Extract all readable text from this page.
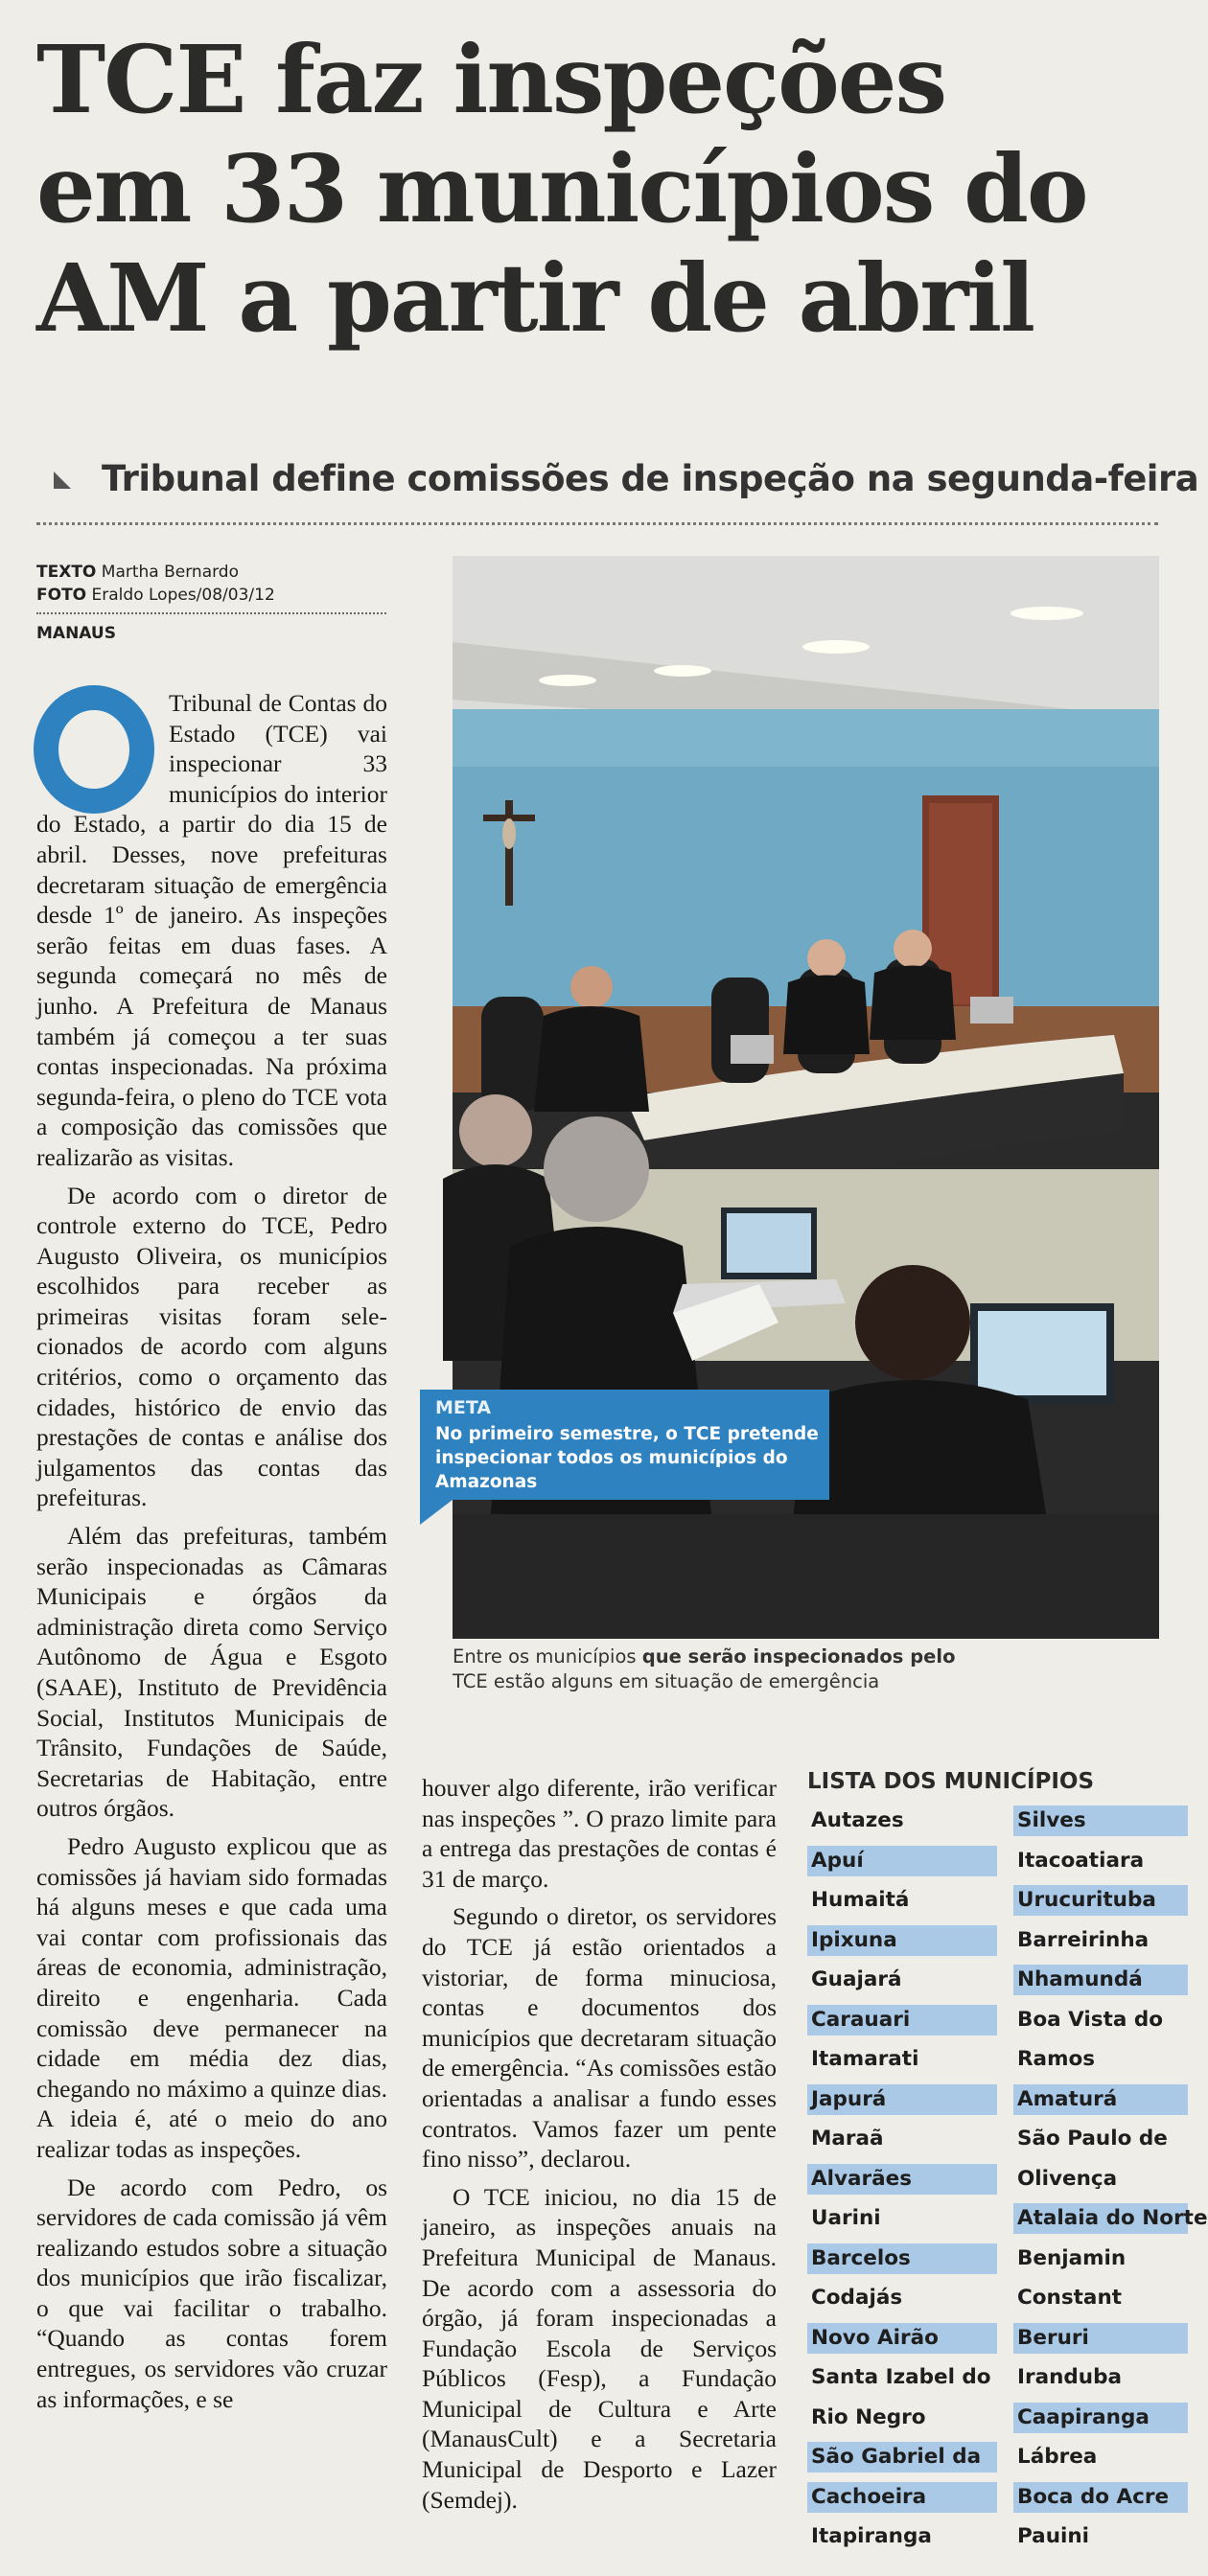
TCE faz inspeções
em 33 municípios do
AM a partir de abril
Tribunal define comissões de inspeção na segunda-feira
TEXTO Martha Bernardo
FOTO Eraldo Lopes/08/03/12
MANAUS

Tribunal de Contas do Estado (TCE) vai inspecionar 33 municípios do interior do Estado, a partir do dia 15 de abril. Desses, nove prefeituras decretaram situação de emergência desde 1º de janeiro. As inspeções serão feitas em duas fases. A segunda começará no mês de junho. A Prefeitura de Manaus também já começou a ter suas contas inspecionadas. Na próxima segunda-feira, o pleno do TCE vota a composição das comissões que realizarão as visitas.

De acordo com o diretor de controle externo do TCE, Pedro Augusto Oliveira, os municípios escolhidos para receber as primeiras visitas foram selecionados de acordo com alguns critérios, como o orçamento das cidades, histórico de envio das prestações de contas e análise dos julgamentos das contas das prefeituras.

Além das prefeituras, também serão inspecionadas as Câmaras Municipais e órgãos da administração direta como Serviço Autônomo de Água e Esgoto (SAAE), Instituto de Previdência Social, Institutos Municipais de Trânsito, Fundações de Saúde, Secretarias de Habitação, entre outros órgãos.

Pedro Augusto explicou que as comissões já haviam sido formadas há alguns meses e que cada uma vai contar com profissionais das áreas de economia, administração, direito e engenharia. Cada comissão deve permanecer na cidade em média dez dias, chegando no máximo a quinze dias. A ideia é, até o meio do ano realizar todas as inspeções.

De acordo com Pedro, os servidores de cada comissão já vêm realizando estudos sobre a situação dos municípios que irão fiscalizar, o que vai facilitar o trabalho. “Quando as contas forem entregues, os servidores vão cruzar as informações, e se

META
No primeiro semestre, o TCE pretende inspecionar todos os municípios do Amazonas
Entre os municípios que serão inspecionados pelo
TCE estão alguns em situação de emergência

houver algo diferente, irão verificar nas inspeções ”. O prazo limite para a entrega das prestações de contas é 31 de março.

Segundo o diretor, os servidores do TCE já estão orientados a vistoriar, de forma minuciosa, contas e documentos dos municípios que decretaram situação de emergência. “As comissões estão orientadas a analisar a fundo esses contratos. Vamos fazer um pente fino nisso”, declarou.

O TCE iniciou, no dia 15 de janeiro, as inspeções anuais na Prefeitura Municipal de Manaus. De acordo com a assessoria do órgão, já foram inspecionadas a Fundação Escola de Serviços Públicos (Fesp), a Fundação Municipal de Cultura e Arte (ManausCult) e a Secretaria Municipal de Desporto e Lazer (Semdej).

LISTA DOS MUNICÍPIOS
Autazes
Apuí
Humaitá
Ipixuna
Guajará
Carauari
Itamarati
Japurá
Maraã
Alvarães
Uarini
Barcelos
Codajás
Novo Airão
Santa Izabel do
Rio Negro
São Gabriel da
Cachoeira
Itapiranga
Silves
Itacoatiara
Urucurituba
Barreirinha
Nhamundá
Boa Vista do
Ramos
Amaturá
São Paulo de
Olivença
Atalaia do Norte
Benjamin
Constant
Beruri
Iranduba
Caapiranga
Lábrea
Boca do Acre
Pauini
